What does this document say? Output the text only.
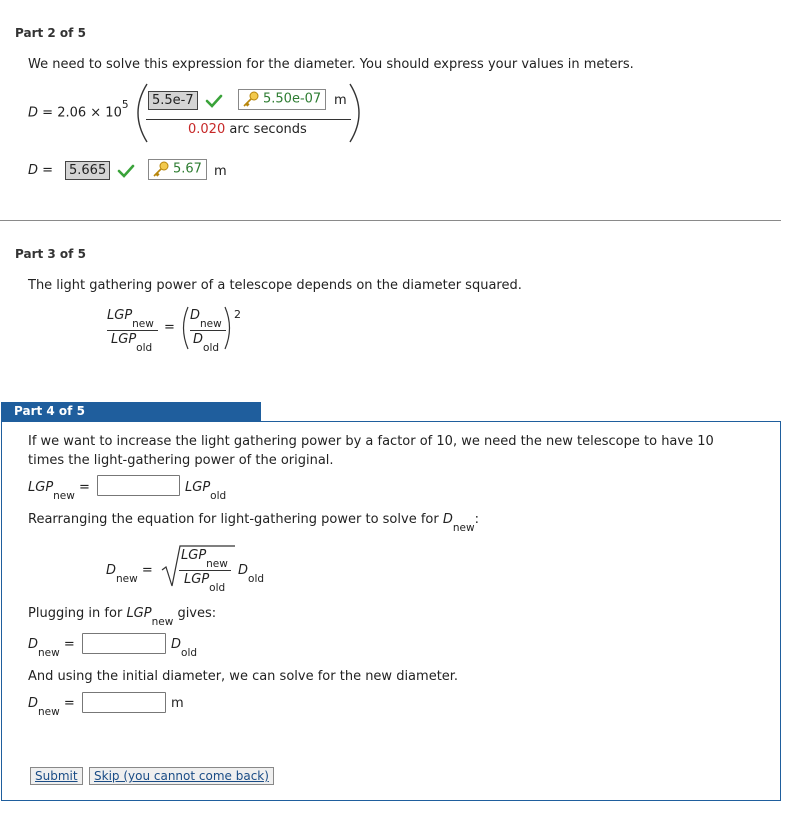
Part 2 of 5
We need to solve this expression for the diameter. You should express your values in meters.
$D = 2.06 \times 10^5$	5.5e-7	5.50e-07 m
0.020 arc seconds
D =	5.665	5.67 m
Part 3 of 5
The light gathering power of a telescope depends on the diameter squared.
$LGP_{new}$
$LGP_{old}$
=
$D_{new}$
$D_{old}$
2
Part 4 of 5
If we want to increase the light gathering power by a factor of 10, we need the new telescope to have 10
times the light-gathering power of the original.
$LGP_{new}$ =	$LGP_{old}$
Rearranging the equation for light-gathering power to solve for $D_{new}$:
$D_{new}$ =
$LGP_{new}$
$LGP_{old}$
$D_{old}$
Plugging in for $LGP_{new}$ gives:
$D_{new}$ =	$D_{old}$
And using the initial diameter, we can solve for the new diameter.
$D_{new}$ =	m
Submit	Skip (you cannot come back)
